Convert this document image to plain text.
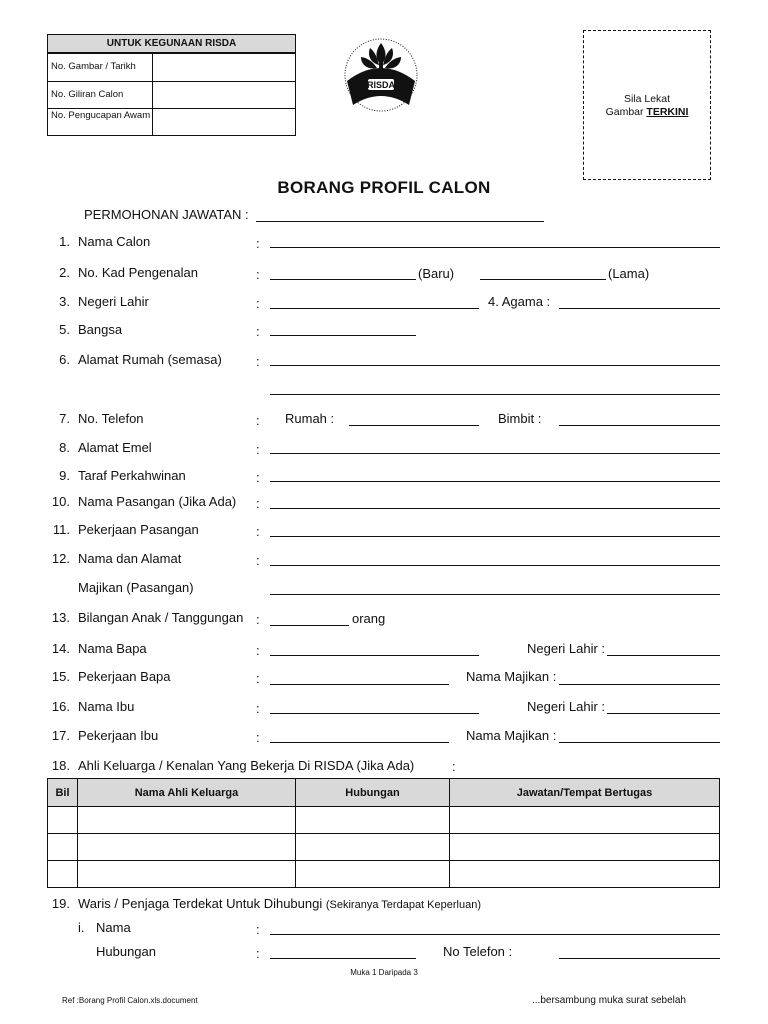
UNTUK KEGUNAAN RISDA
No. Gambar / Tarikh
No. Giliran Calon
No. Pengucapan Awam
RISDA
Sila Lekat
Gambar TERKINI
BORANG PROFIL CALON
PERMOHONAN JAWATAN :
1. Nama Calon	:
2. No. Kad Pengenalan	:	(Baru)	(Lama)
3. Negeri Lahir	:	4. Agama :
5. Bangsa	:
6. Alamat Rumah (semasa)	:
7. No. Telefon	: Rumah :	Bimbit :
8. Alamat Emel	:
9. Taraf Perkahwinan	:
10. Nama Pasangan (Jika Ada) :
11. Pekerjaan Pasangan	:
12. Nama dan Alamat	:
Majikan (Pasangan)
13. Bilangan Anak / Tanggungan :	orang
14. Nama Bapa	:	Negeri Lahir :
15. Pekerjaan Bapa	:	Nama Majikan :
16. Nama Ibu	:	Negeri Lahir :
17. Pekerjaan Ibu	:	Nama Majikan :
18. Ahli Keluarga / Kenalan Yang Bekerja Di RISDA (Jika Ada)	:
Bil	Nama Ahli Keluarga	Hubungan	Jawatan/Tempat Bertugas

19. Waris / Penjaga Terdekat Untuk Dihubungi (Sekiranya Terdapat Keperluan)
i. Nama	:
Hubungan	:	No Telefon :
Muka 1 Daripada 3
Ref :Borang Profil Calon.xls.document	...bersambung muka surat sebelah
